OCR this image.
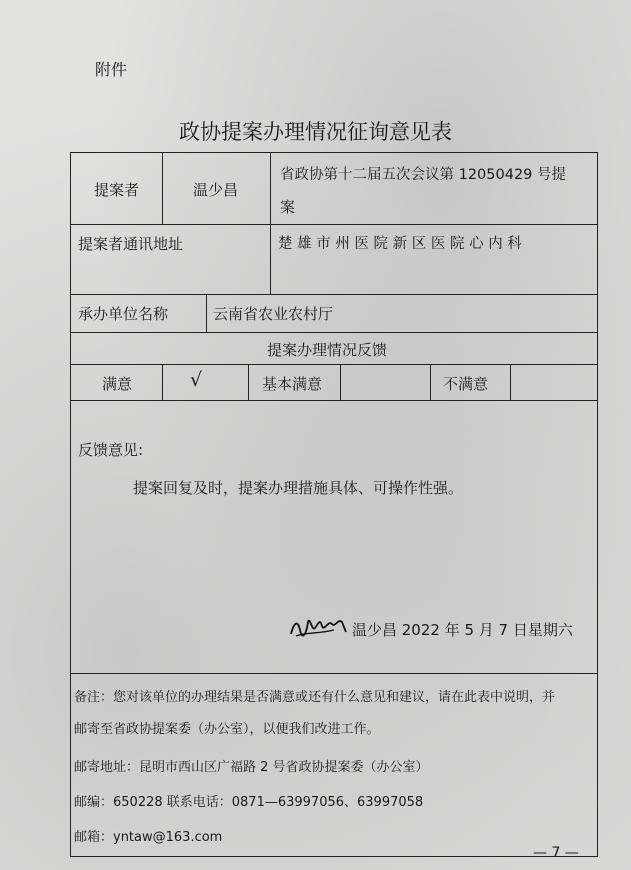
附件
政协提案办理情况征询意见表
提案者	温少昌
省政协第十二届五次会议第 12050429 号提
案
提案者通讯地址	楚 雄 市 州 医 院 新 区 医 院 心 内 科
承办单位名称	云南省农业农村厅
提案办理情况反馈
满意	√	基本满意	不满意
反馈意见:
提案回复及时，提案办理措施具体、可操作性强。
温少昌 2022 年 5 月 7 日星期六
备注：您对该单位的办理结果是否满意或还有什么意见和建议，请在此表中说明，并
邮寄至省政协提案委（办公室），以便我们改进工作。
邮寄地址：昆明市西山区广福路 2 号省政协提案委（办公室）
邮编：650228 联系电话：0871—63997056、63997058
邮箱：yntaw@163.com
— 7 —
